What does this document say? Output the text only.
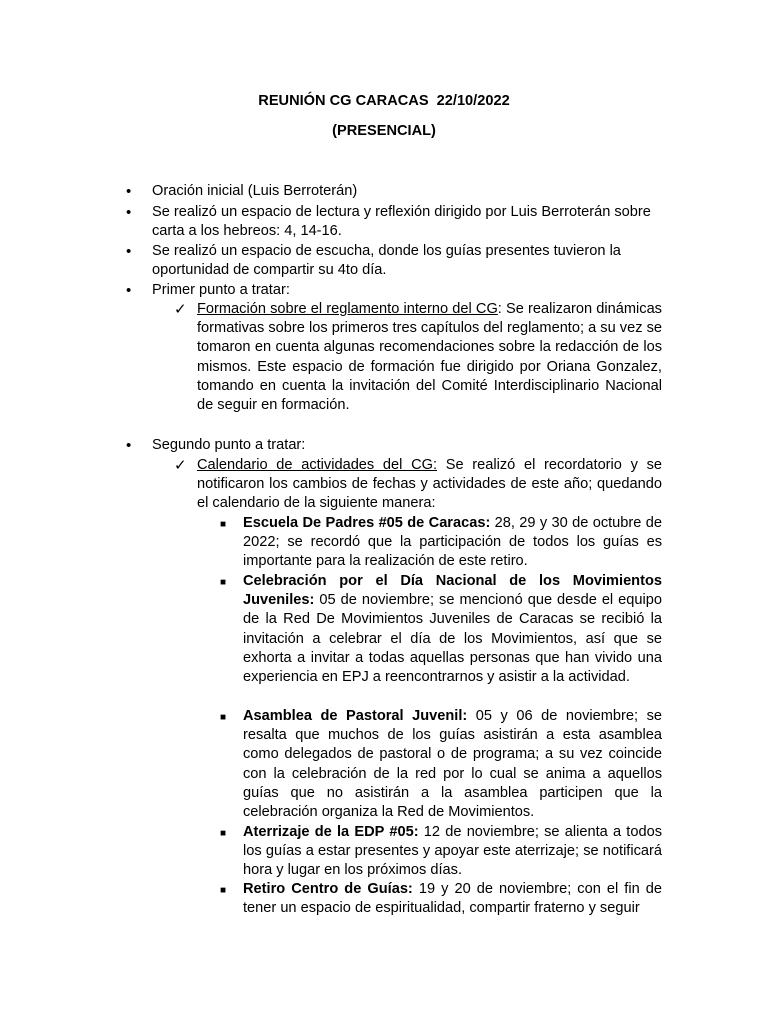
REUNIÓN CG CARACAS  22/10/2022
(PRESENCIAL)
• Oración inicial (Luis Berroterán)
• Se realizó un espacio de lectura y reflexión dirigido por Luis Berroterán sobre carta a los hebreos: 4, 14-16.
• Se realizó un espacio de escucha, donde los guías presentes tuvieron la oportunidad de compartir su 4to día.
• Primer punto a tratar:
✓ Formación sobre el reglamento interno del CG: Se realizaron dinámicas formativas sobre los primeros tres capítulos del reglamento; a su vez se tomaron en cuenta algunas recomendaciones sobre la redacción de los mismos. Este espacio de formación fue dirigido por Oriana Gonzalez, tomando en cuenta la invitación del Comité Interdisciplinario Nacional de seguir en formación.
• Segundo punto a tratar:
✓ Calendario de actividades del CG: Se realizó el recordatorio y se notificaron los cambios de fechas y actividades de este año; quedando el calendario de la siguiente manera:
■ Escuela De Padres #05 de Caracas: 28, 29 y 30 de octubre de 2022; se recordó que la participación de todos los guías es importante para la realización de este retiro.
■ Celebración por el Día Nacional de los Movimientos Juveniles: 05 de noviembre; se mencionó que desde el equipo de la Red De Movimientos Juveniles de Caracas se recibió la invitación a celebrar el día de los Movimientos, así que se exhorta a invitar a todas aquellas personas que han vivido una experiencia en EPJ a reencontrarnos y asistir a la actividad.
■ Asamblea de Pastoral Juvenil: 05 y 06 de noviembre; se resalta que muchos de los guías asistirán a esta asamblea como delegados de pastoral o de programa; a su vez coincide con la celebración de la red por lo cual se anima a aquellos guías que no asistirán a la asamblea participen que la celebración organiza la Red de Movimientos.
■ Aterrizaje de la EDP #05: 12 de noviembre; se alienta a todos los guías a estar presentes y apoyar este aterrizaje; se notificará hora y lugar en los próximos días.
■ Retiro Centro de Guías: 19 y 20 de noviembre; con el fin de tener un espacio de espiritualidad, compartir fraterno y seguir
